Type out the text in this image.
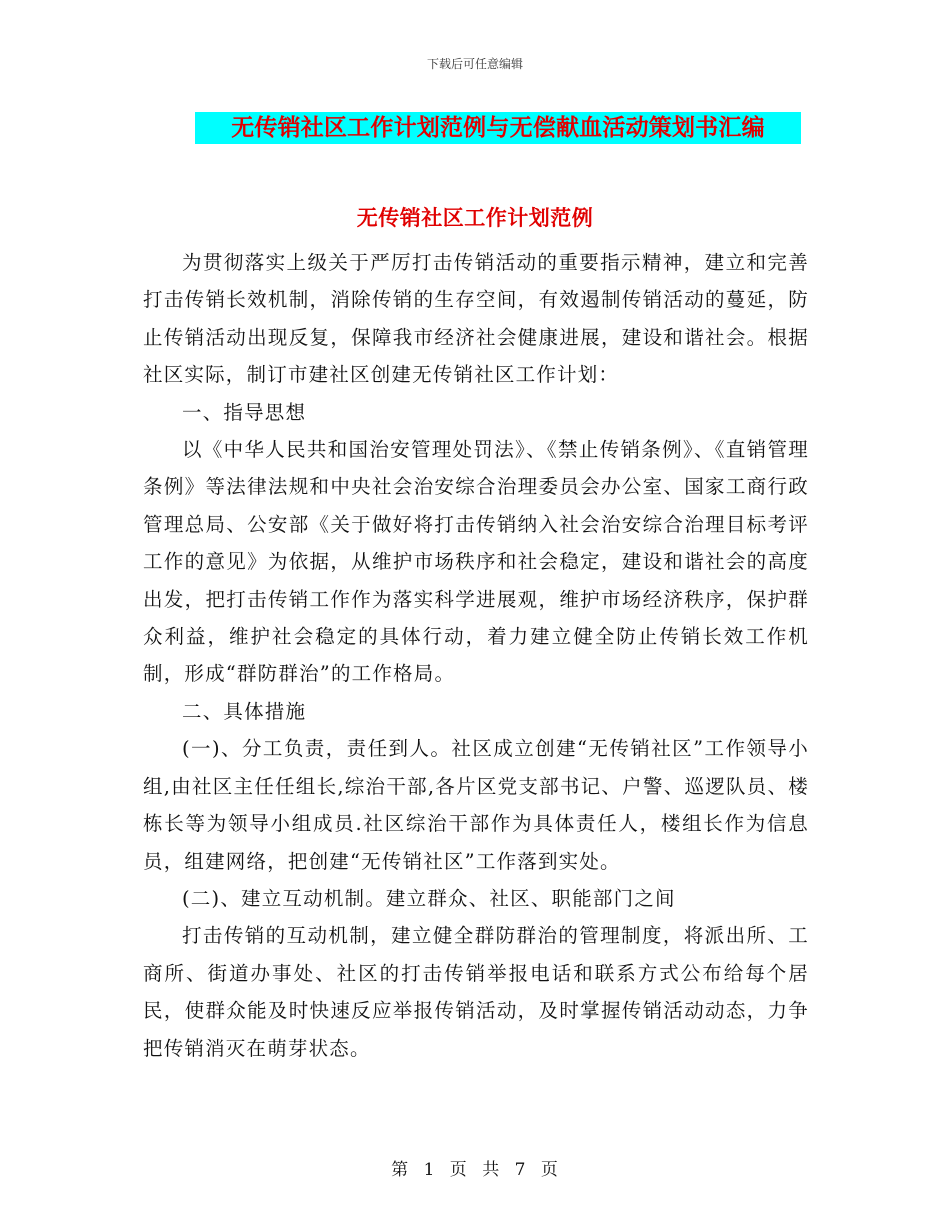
下载后可任意编辑
无传销社区工作计划范例与无偿献血活动策划书汇编
无传销社区工作计划范例

为贯彻落实上级关于严厉打击传销活动的重要指示精神，建立和完善打击传销长效机制，消除传销的生存空间，有效遏制传销活动的蔓延，防止传销活动出现反复，保障我市经济社会健康进展，建设和谐社会。根据社区实际，制订市建社区创建无传销社区工作计划：

一、指导思想

以《中华人民共和国治安管理处罚法》、《禁止传销条例》、《直销管理条例》等法律法规和中央社会治安综合治理委员会办公室、国家工商行政管理总局、公安部《关于做好将打击传销纳入社会治安综合治理目标考评工作的意见》为依据，从维护市场秩序和社会稳定，建设和谐社会的高度出发，把打击传销工作作为落实科学进展观，维护市场经济秩序，保护群众利益，维护社会稳定的具体行动，着力建立健全防止传销长效工作机制，形成“群防群治”的工作格局。

二、具体措施

(一)、分工负责，责任到人。社区成立创建“无传销社区”工作领导小组,由社区主任任组长,综治干部,各片区党支部书记、户警、巡逻队员、楼栋长等为领导小组成员.社区综治干部作为具体责任人，楼组长作为信息员，组建网络，把创建“无传销社区”工作落到实处。

(二)、建立互动机制。建立群众、社区、职能部门之间

打击传销的互动机制，建立健全群防群治的管理制度，将派出所、工商所、街道办事处、社区的打击传销举报电话和联系方式公布给每个居民，使群众能及时快速反应举报传销活动，及时掌握传销活动动态，力争把传销消灭在萌芽状态。

第 1 页 共 7 页
